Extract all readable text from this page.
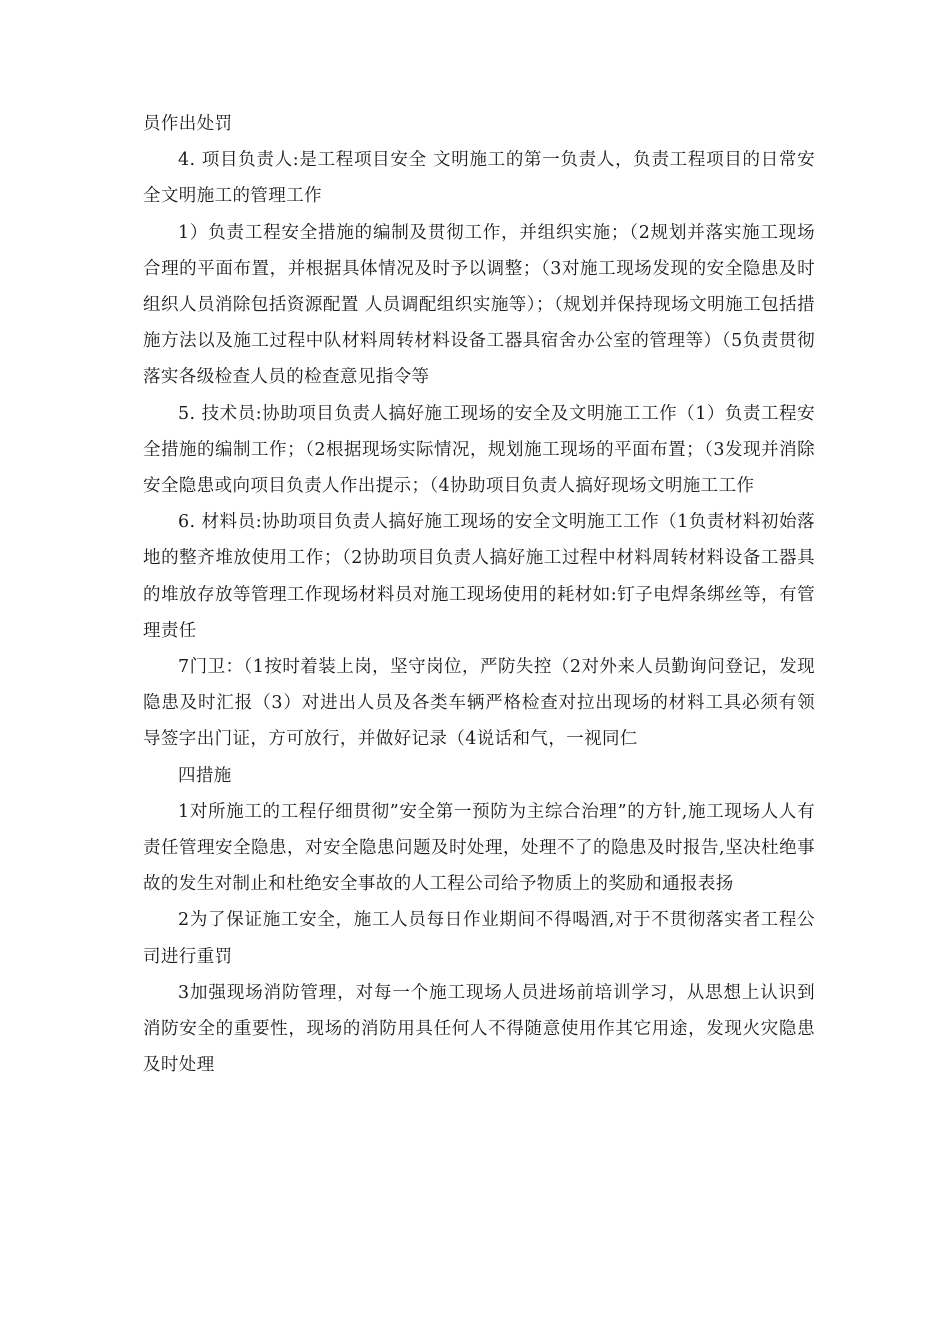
员作出处罚

4. 项目负责人:是工程项目安全 文明施工的第一负责人，负责工程项目的日常安全文明施工的管理工作

1）负责工程安全措施的编制及贯彻工作，并组织实施；（2规划并落实施工现场合理的平面布置，并根据具体情况及时予以调整；（3对施工现场发现的安全隐患及时组织人员消除包括资源配置 人员调配组织实施等）；（规划并保持现场文明施工包括措施方法以及施工过程中队材料周转材料设备工器具宿舍办公室的管理等）（5负责贯彻落实各级检查人员的检查意见指令等

5. 技术员:协助项目负责人搞好施工现场的安全及文明施工工作（1）负责工程安全措施的编制工作；（2根据现场实际情况，规划施工现场的平面布置；（3发现并消除安全隐患或向项目负责人作出提示；（4协助项目负责人搞好现场文明施工工作

6. 材料员:协助项目负责人搞好施工现场的安全文明施工工作（1负责材料初始落地的整齐堆放使用工作；（2协助项目负责人搞好施工过程中材料周转材料设备工器具的堆放存放等管理工作现场材料员对施工现场使用的耗材如:钉子电焊条绑丝等，有管理责任

7门卫：（1按时着装上岗，坚守岗位，严防失控（2对外来人员勤询问登记，发现隐患及时汇报（3）对进出人员及各类车辆严格检查对拉出现场的材料工具必须有领导签字出门证，方可放行，并做好记录（4说话和气，一视同仁

四措施

1对所施工的工程仔细贯彻”安全第一预防为主综合治理”的方针,施工现场人人有责任管理安全隐患，对安全隐患问题及时处理，处理不了的隐患及时报告,坚决杜绝事故的发生对制止和杜绝安全事故的人工程公司给予物质上的奖励和通报表扬

2为了保证施工安全，施工人员每日作业期间不得喝酒,对于不贯彻落实者工程公司进行重罚

3加强现场消防管理，对每一个施工现场人员进场前培训学习，从思想上认识到消防安全的重要性，现场的消防用具任何人不得随意使用作其它用途，发现火灾隐患及时处理
